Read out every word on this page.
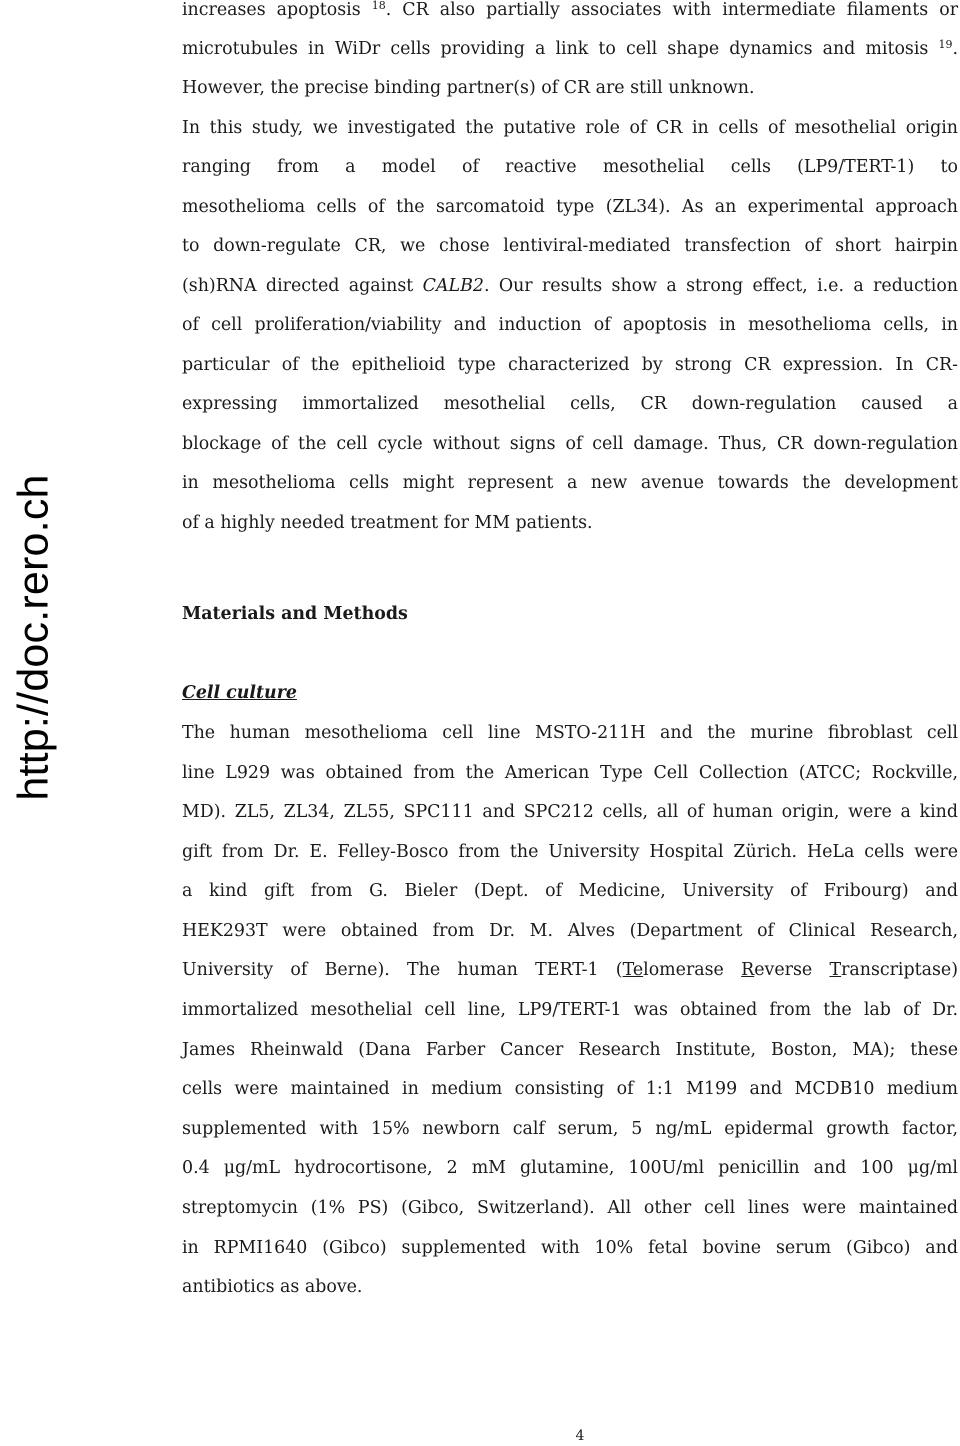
http://doc.rero.ch
increases apoptosis $^{18}$. CR also partially associates with intermediate filaments or
microtubules in WiDr cells providing a link to cell shape dynamics and mitosis $^{19}$.
However, the precise binding partner(s) of CR are still unknown.
In this study, we investigated the putative role of CR in cells of mesothelial origin
ranging from a model of reactive mesothelial cells (LP9/TERT-1) to
mesothelioma cells of the sarcomatoid type (ZL34). As an experimental approach
to down-regulate CR, we chose lentiviral-mediated transfection of short hairpin
(sh)RNA directed against CALB2. Our results show a strong effect, i.e. a reduction
of cell proliferation/viability and induction of apoptosis in mesothelioma cells, in
particular of the epithelioid type characterized by strong CR expression. In CR-
expressing immortalized mesothelial cells, CR down-regulation caused a
blockage of the cell cycle without signs of cell damage. Thus, CR down-regulation
in mesothelioma cells might represent a new avenue towards the development
of a highly needed treatment for MM patients.
Materials and Methods
Cell culture
The human mesothelioma cell line MSTO-211H and the murine fibroblast cell
line L929 was obtained from the American Type Cell Collection (ATCC; Rockville,
MD). ZL5, ZL34, ZL55, SPC111 and SPC212 cells, all of human origin, were a kind
gift from Dr. E. Felley-Bosco from the University Hospital Zürich. HeLa cells were
a kind gift from G. Bieler (Dept. of Medicine, University of Fribourg) and
HEK293T were obtained from Dr. M. Alves (Department of Clinical Research,
University of Berne). The human TERT-1 (Telomerase Reverse Transcriptase)
immortalized mesothelial cell line, LP9/TERT-1 was obtained from the lab of Dr.
James Rheinwald (Dana Farber Cancer Research Institute, Boston, MA); these
cells were maintained in medium consisting of 1:1 M199 and MCDB10 medium
supplemented with 15% newborn calf serum, 5 ng/mL epidermal growth factor,
0.4 μg/mL hydrocortisone, 2 mM glutamine, 100U/ml penicillin and 100 μg/ml
streptomycin (1% PS) (Gibco, Switzerland). All other cell lines were maintained
in RPMI1640 (Gibco) supplemented with 10% fetal bovine serum (Gibco) and
antibiotics as above.
4
